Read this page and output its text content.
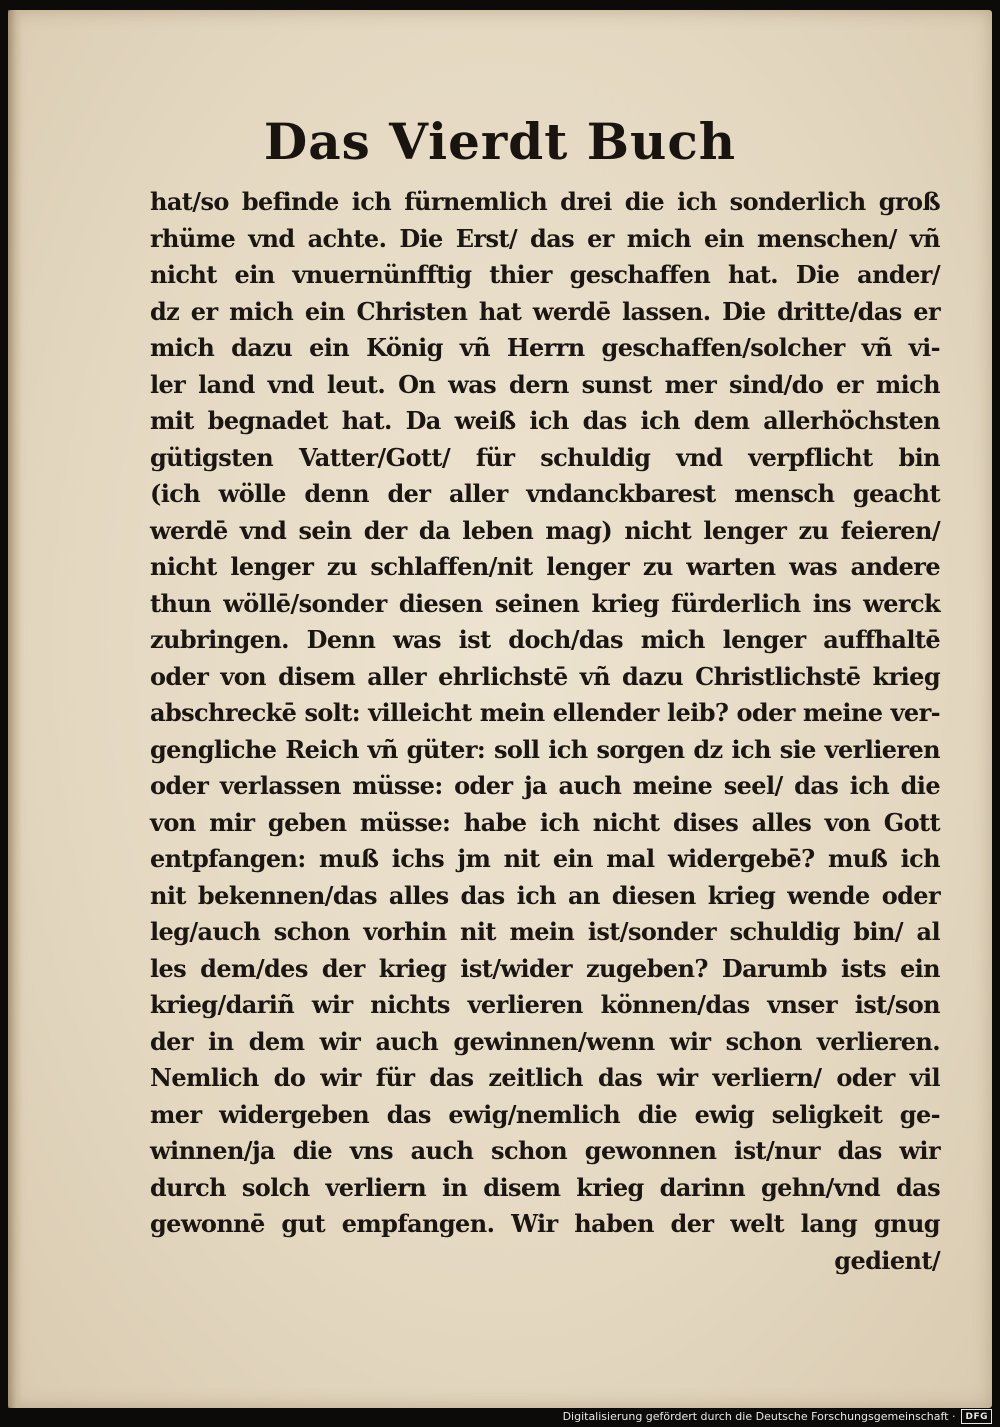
Das Vierdt Buch
hat/so befinde ich fürnemlich drei die ich sonderlich groß
rhüme vnd achte. Die Erst/ das er mich ein menschen/ vñ
nicht ein vnuernünfftig thier geschaffen hat. Die ander/
dz er mich ein Christen hat werdē lassen. Die dritte/das er
mich dazu ein König vñ Herrn geschaffen/solcher vñ vi-
ler land vnd leut. On was dern sunst mer sind/do er mich
mit begnadet hat. Da weiß ich das ich dem allerhöchsten
gütigsten Vatter/Gott/ für schuldig vnd verpflicht bin
(ich wölle denn der aller vndanckbarest mensch geacht
werdē vnd sein der da leben mag) nicht lenger zu feieren/
nicht lenger zu schlaffen/nit lenger zu warten was andere
thun wöllē/sonder diesen seinen krieg fürderlich ins werck
zubringen. Denn was ist doch/das mich lenger auffhaltē
oder von disem aller ehrlichstē vñ dazu Christlichstē krieg
abschreckē solt: villeicht mein ellender leib? oder meine ver-
gengliche Reich vñ güter: soll ich sorgen dz ich sie verlieren
oder verlassen müsse: oder ja auch meine seel/ das ich die
von mir geben müsse: habe ich nicht dises alles von Gott
entpfangen: muß ichs jm nit ein mal widergebē? muß ich
nit bekennen/das alles das ich an diesen krieg wende oder
leg/auch schon vorhin nit mein ist/sonder schuldig bin/ al
les dem/des der krieg ist/wider zugeben? Darumb ists ein
krieg/dariñ wir nichts verlieren können/das vnser ist/son
der in dem wir auch gewinnen/wenn wir schon verlieren.
Nemlich do wir für das zeitlich das wir verliern/ oder vil
mer widergeben das ewig/nemlich die ewig seligkeit ge-
winnen/ja die vns auch schon gewonnen ist/nur das wir
durch solch verliern in disem krieg darinn gehn/vnd das
gewonnē gut empfangen. Wir haben der welt lang gnug
gedient/
Digitalisierung gefördert durch die Deutsche Forschungsgemeinschaft ·	DFG
